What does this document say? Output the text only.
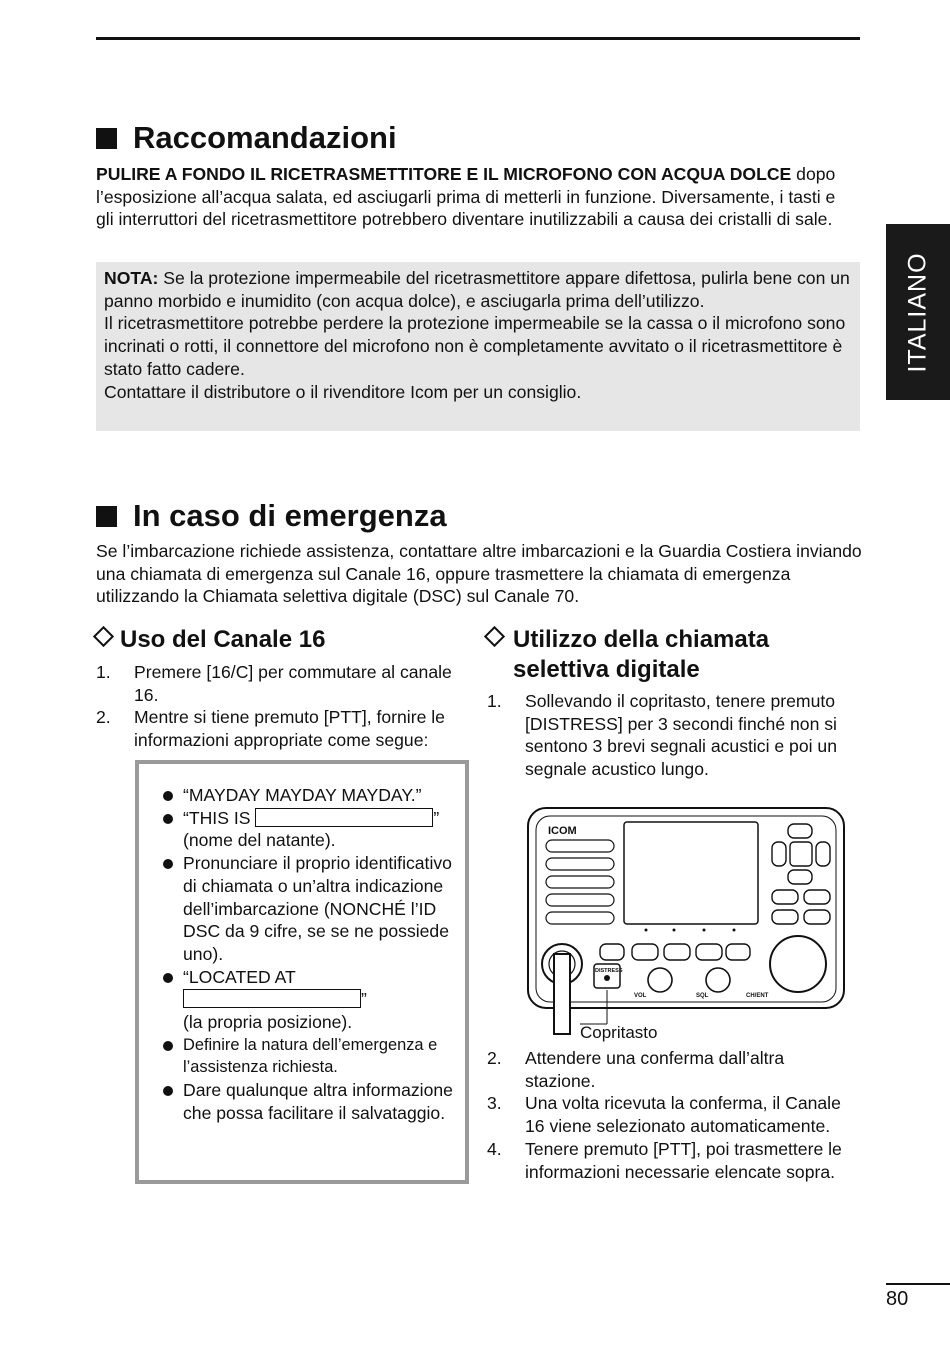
ITALIANO
Raccomandazioni
PULIRE A FONDO IL RICETRASMETTITORE E IL MICROFONO CON ACQUA DOLCE dopo l’esposizione all’acqua salata, ed asciugarli prima di metterli in funzione. Diversamente, i tasti e gli interruttori del ricetrasmettitore potrebbero diventare inutilizzabili a causa dei cristalli di sale.
NOTA: Se la protezione impermeabile del ricetrasmettitore appare difettosa, pulirla bene con un panno morbido e inumidito (con acqua dolce), e asciugarla prima dell’utilizzo.
Il ricetrasmettitore potrebbe perdere la protezione impermeabile se la cassa o il microfono sono incrinati o rotti, il connettore del microfono non è completamente avvitato o il ricetrasmettitore è stato fatto cadere.
Contattare il distributore o il rivenditore Icom per un consiglio.
In caso di emergenza
Se l’imbarcazione richiede assistenza, contattare altre imbarcazioni e la Guardia Costiera inviando una chiamata di emergenza sul Canale 16, oppure trasmettere la chiamata di emergenza utilizzando la Chiamata selettiva digitale (DSC) sul Canale 70.
Uso del Canale 16
1. Premere [16/C] per commutare al canale 16.
2. Mentre si tiene premuto [PTT], fornire le informazioni appropriate come segue:
“MAYDAY MAYDAY MAYDAY.”
“THIS IS	”
(nome del natante).
Pronunciare il proprio identificativo di chiamata o un’altra indicazione dell’imbarcazione (NONCHÉ l’ID DSC da 9 cifre, se se ne possiede uno).
“LOCATED AT
”
(la propria posizione).
Definire la natura dell’emergenza e l’assistenza richiesta.
Dare qualunque altra informazione che possa facilitare il salvataggio.
Utilizzo della chiamata selettiva digitale
1. Sollevando il copritasto, tenere premuto [DISTRESS] per 3 secondi finché non si sentono 3 brevi segnali acustici e poi un segnale acustico lungo.
ICOM
DISTRESS
VOL	SQL	CH/ENT
Copritasto
2. Attendere una conferma dall’altra stazione.
3. Una volta ricevuta la conferma, il Canale 16 viene selezionato automaticamente.
4. Tenere premuto [PTT], poi trasmettere le informazioni necessarie elencate sopra.
80
